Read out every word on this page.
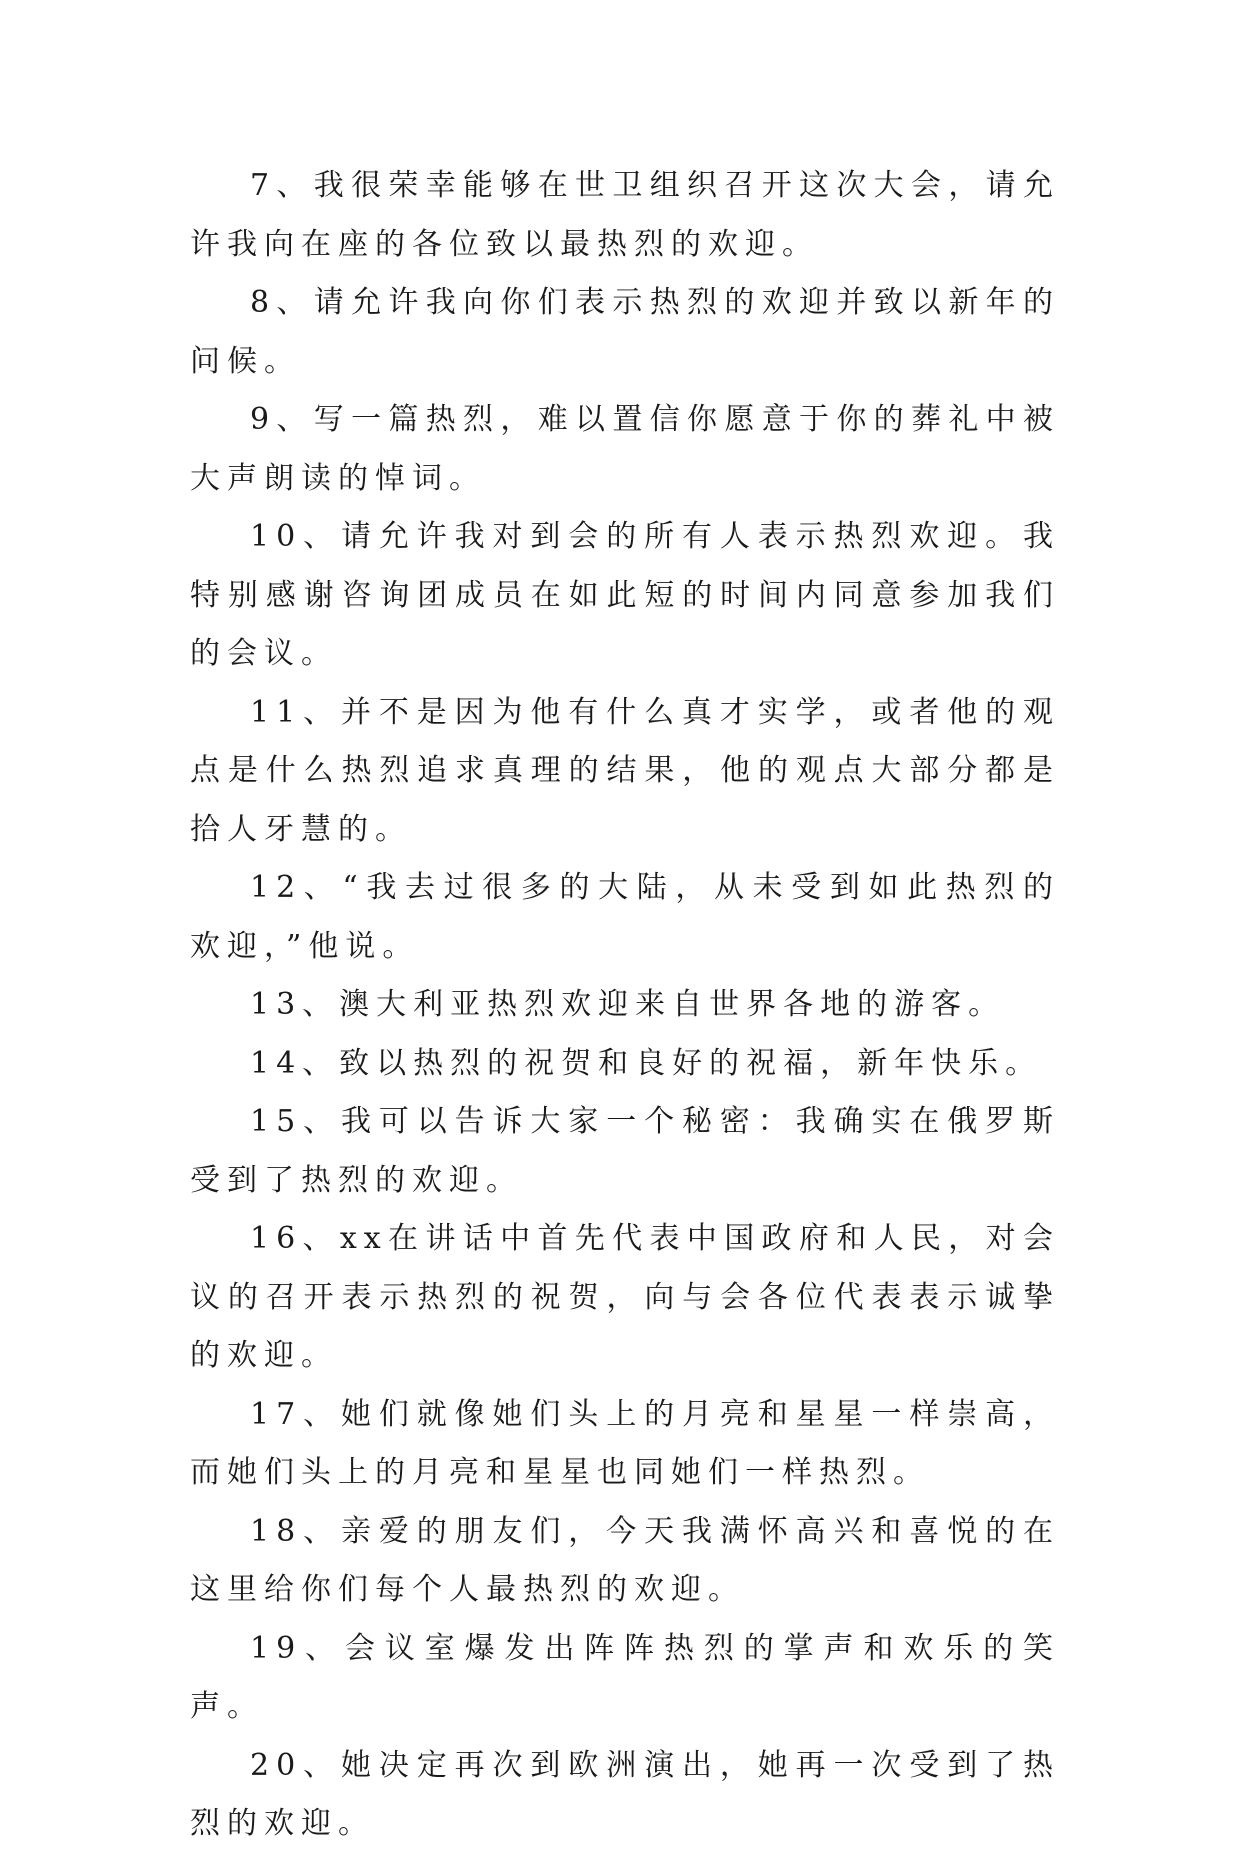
7、我很荣幸能够在世卫组织召开这次大会，请允许我向在座的各位致以最热烈的欢迎。

8、请允许我向你们表示热烈的欢迎并致以新年的问候。

9、写一篇热烈，难以置信你愿意于你的葬礼中被大声朗读的悼词。

10、请允许我对到会的所有人表示热烈欢迎。我特别感谢咨询团成员在如此短的时间内同意参加我们的会议。

11、并不是因为他有什么真才实学，或者他的观点是什么热烈追求真理的结果，他的观点大部分都是拾人牙慧的。

12、“我去过很多的大陆，从未受到如此热烈的欢迎，”他说。

13、澳大利亚热烈欢迎来自世界各地的游客。

14、致以热烈的祝贺和良好的祝福，新年快乐。

15、我可以告诉大家一个秘密：我确实在俄罗斯受到了热烈的欢迎。

16、xx在讲话中首先代表中国政府和人民，对会议的召开表示热烈的祝贺，向与会各位代表表示诚挚的欢迎。

17、她们就像她们头上的月亮和星星一样崇高，而她们头上的月亮和星星也同她们一样热烈。

18、亲爱的朋友们，今天我满怀高兴和喜悦的在这里给你们每个人最热烈的欢迎。

19、会议室爆发出阵阵热烈的掌声和欢乐的笑声。

20、她决定再次到欧洲演出，她再一次受到了热烈的欢迎。
